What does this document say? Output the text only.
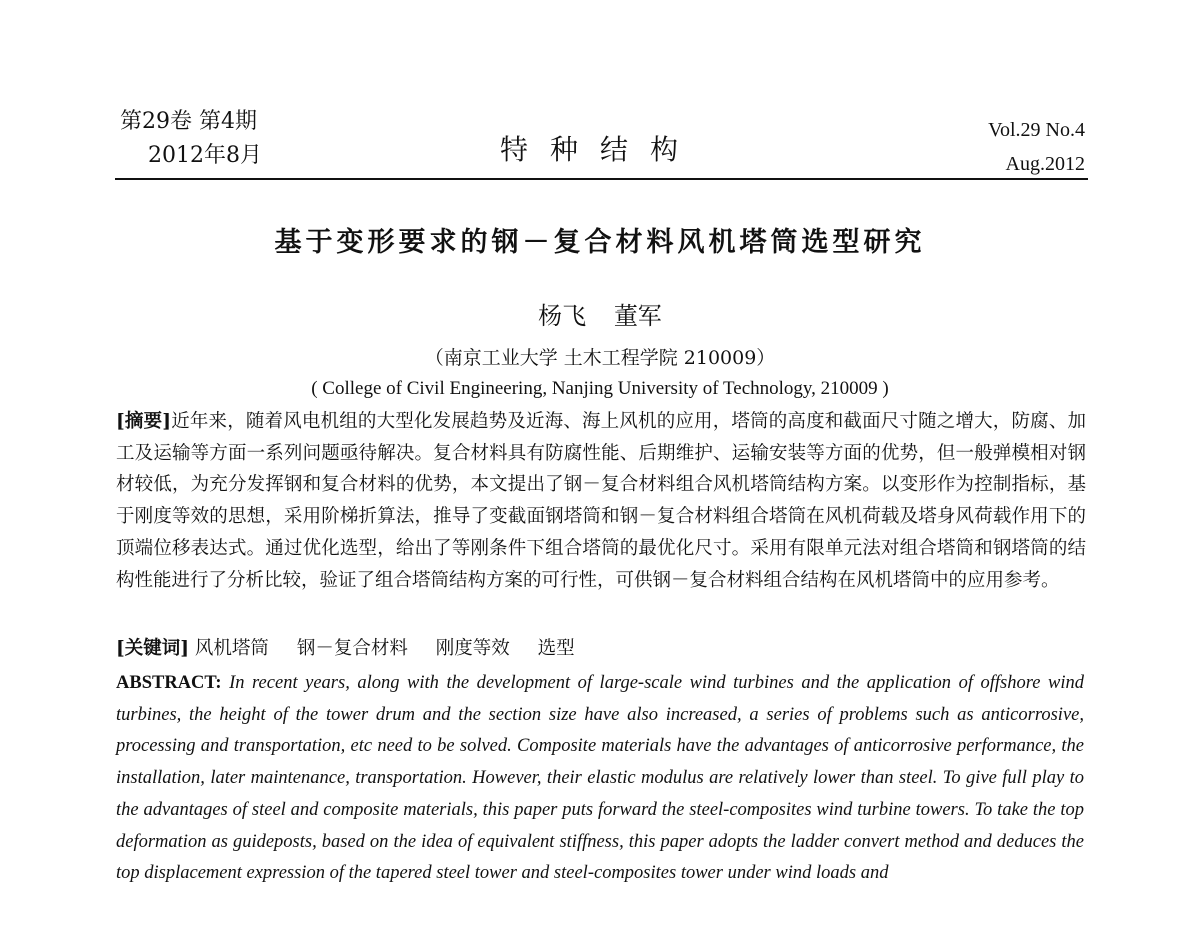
第29卷 第4期
2012年8月	特种结构
Vol.29 No.4
Aug.2012
基于变形要求的钢－复合材料风机塔筒选型研究
杨飞 董军
（南京工业大学 土木工程学院 210009）
( College of Civil Engineering, Nanjing University of Technology, 210009 )

[摘要]近年来，随着风电机组的大型化发展趋势及近海、海上风机的应用，塔筒的高度和截面尺寸随之增大，防腐、加工及运输等方面一系列问题亟待解决。复合材料具有防腐性能、后期维护、运输安装等方面的优势，但一般弹模相对钢材较低，为充分发挥钢和复合材料的优势，本文提出了钢－复合材料组合风机塔筒结构方案。以变形作为控制指标，基于刚度等效的思想，采用阶梯折算法，推导了变截面钢塔筒和钢－复合材料组合塔筒在风机荷载及塔身风荷载作用下的顶端位移表达式。通过优化选型，给出了等刚条件下组合塔筒的最优化尺寸。采用有限单元法对组合塔筒和钢塔筒的结构性能进行了分析比较，验证了组合塔筒结构方案的可行性，可供钢－复合材料组合结构在风机塔筒中的应用参考。

[关键词] 风机塔筒 钢－复合材料 刚度等效 选型

ABSTRACT: In recent years, along with the development of large-scale wind turbines and the application of offshore wind turbines, the height of the tower drum and the section size have also increased, a series of problems such as anticorrosive, processing and transportation, etc need to be solved. Composite materials have the advantages of anticorrosive performance, the installation, later maintenance, transportation. However, their elastic modulus are relatively lower than steel. To give full play to the advantages of steel and composite materials, this paper puts forward the steel-composites wind turbine towers. To take the top deformation as guideposts, based on the idea of equivalent stiffness, this paper adopts the ladder convert method and deduces the top displacement expression of the tapered steel tower and steel-composites tower under wind loads and
